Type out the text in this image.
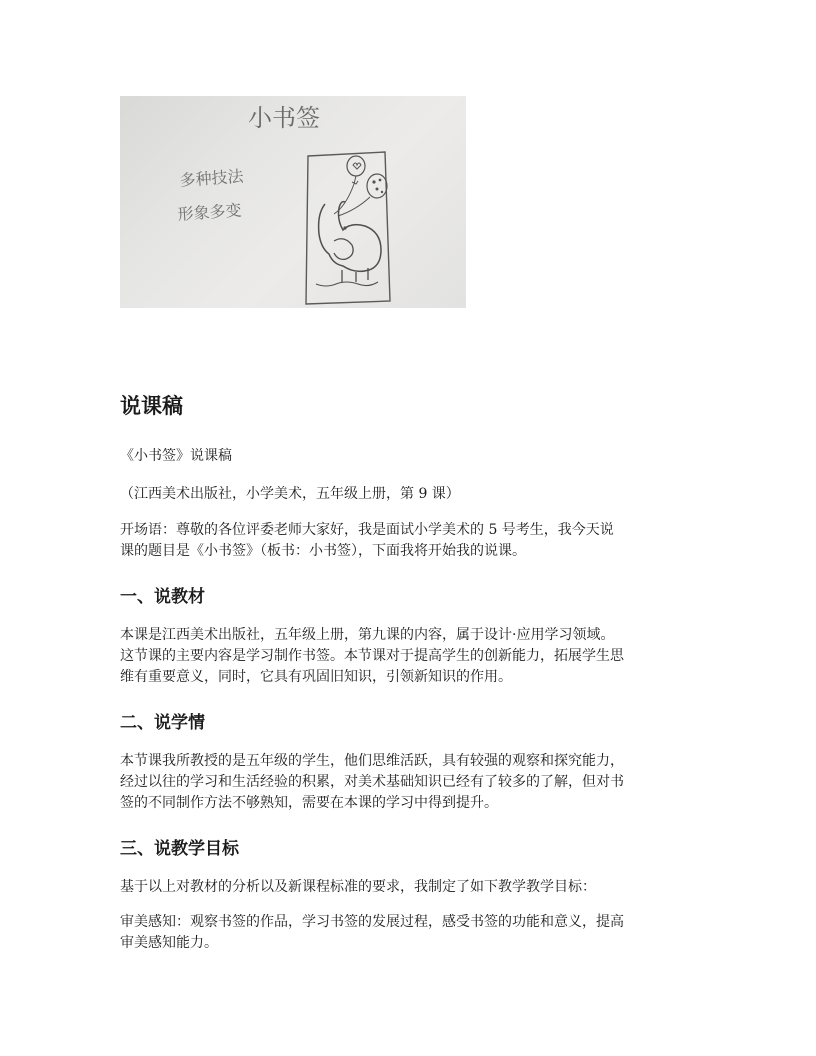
小书签
多种技法
形象多变
说课稿

《小书签》说课稿

（江西美术出版社，小学美术，五年级上册，第 9 课）

开场语：尊敬的各位评委老师大家好，我是面试小学美术的 5 号考生，我今天说

课的题目是《小书签》（板书：小书签），下面我将开始我的说课。

一、说教材

本课是江西美术出版社，五年级上册，第九课的内容，属于设计·应用学习领域。

这节课的主要内容是学习制作书签。本节课对于提高学生的创新能力，拓展学生思

维有重要意义，同时，它具有巩固旧知识，引领新知识的作用。

二、说学情

本节课我所教授的是五年级的学生，他们思维活跃，具有较强的观察和探究能力，

经过以往的学习和生活经验的积累，对美术基础知识已经有了较多的了解，但对书

签的不同制作方法不够熟知，需要在本课的学习中得到提升。

三、说教学目标

基于以上对教材的分析以及新课程标准的要求，我制定了如下教学教学目标：

审美感知：观察书签的作品，学习书签的发展过程，感受书签的功能和意义，提高

审美感知能力。
